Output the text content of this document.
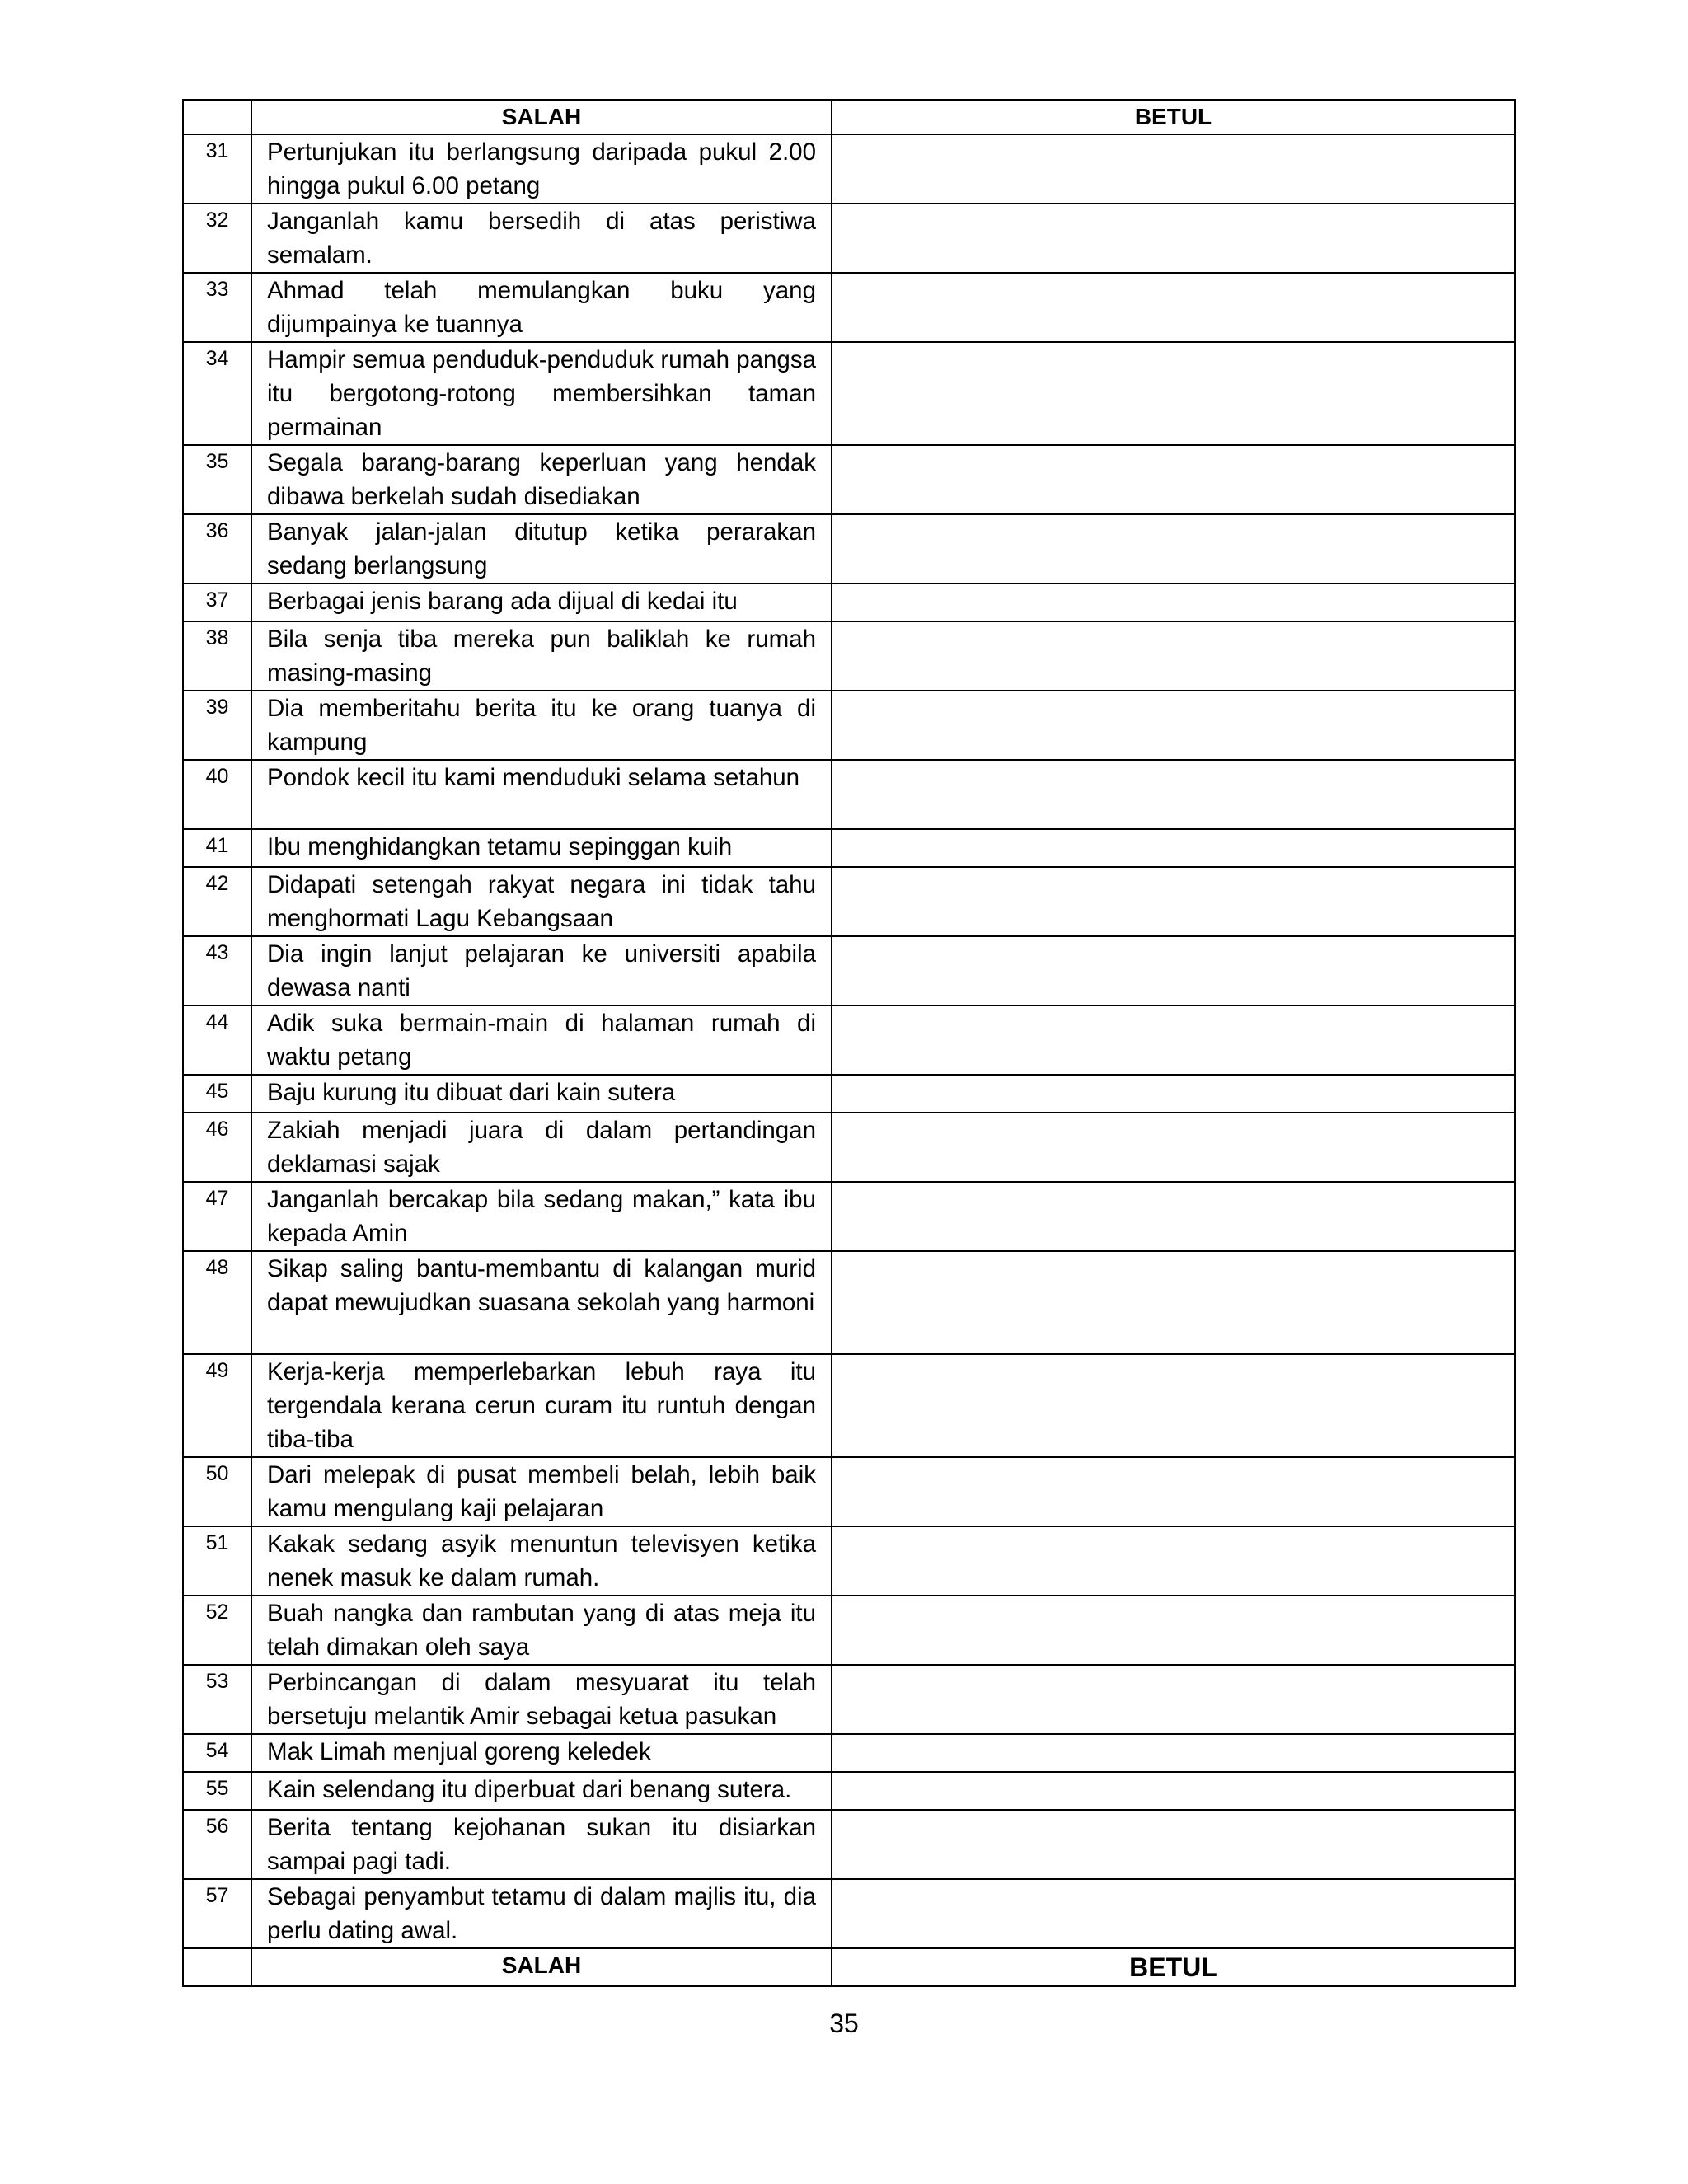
	SALAH	BETUL

31	Pertunjukan itu berlangsung daripada pukul 2.00 hingga pukul 6.00 petang	

32	Janganlah kamu bersedih di atas peristiwa semalam.	

33	Ahmad telah memulangkan buku yang dijumpainya ke tuannya	

34	Hampir semua penduduk-penduduk rumah pangsa itu bergotong-rotong membersihkan taman permainan	

35	Segala barang-barang keperluan yang hendak dibawa berkelah sudah disediakan	

36	Banyak jalan-jalan ditutup ketika perarakan sedang berlangsung	

37	Berbagai jenis barang ada dijual di kedai itu	

38	Bila senja tiba mereka pun baliklah ke rumah masing-masing	

39	Dia memberitahu berita itu ke orang tuanya di kampung	

40	Pondok kecil itu kami menduduki selama setahun	

41	Ibu menghidangkan tetamu sepinggan kuih	

42	Didapati setengah rakyat negara ini tidak tahu menghormati Lagu Kebangsaan	

43	Dia ingin lanjut pelajaran ke universiti apabila dewasa nanti	

44	Adik suka bermain-main di halaman rumah di waktu petang	

45	Baju kurung itu dibuat dari kain sutera	

46	Zakiah menjadi juara di dalam pertandingan deklamasi sajak	

47	Janganlah bercakap bila sedang makan,” kata ibu kepada Amin	

48	Sikap saling bantu-membantu di kalangan murid dapat mewujudkan suasana sekolah yang harmoni	

49	Kerja-kerja memperlebarkan lebuh raya itu tergendala kerana cerun curam itu runtuh dengan tiba-tiba	

50	Dari melepak di pusat membeli belah, lebih baik kamu mengulang kaji pelajaran	

51	Kakak sedang asyik menuntun televisyen ketika nenek masuk ke dalam rumah.	

52	Buah nangka dan rambutan yang di atas meja itu telah dimakan oleh saya	

53	Perbincangan di dalam mesyuarat itu telah bersetuju melantik Amir sebagai ketua pasukan	

54	Mak Limah menjual goreng keledek	

55	Kain selendang itu diperbuat dari benang sutera.	

56	Berita tentang kejohanan sukan itu disiarkan sampai pagi tadi.	

57	Sebagai penyambut tetamu di dalam majlis itu, dia perlu dating awal.	

	SALAH	BETUL
35
